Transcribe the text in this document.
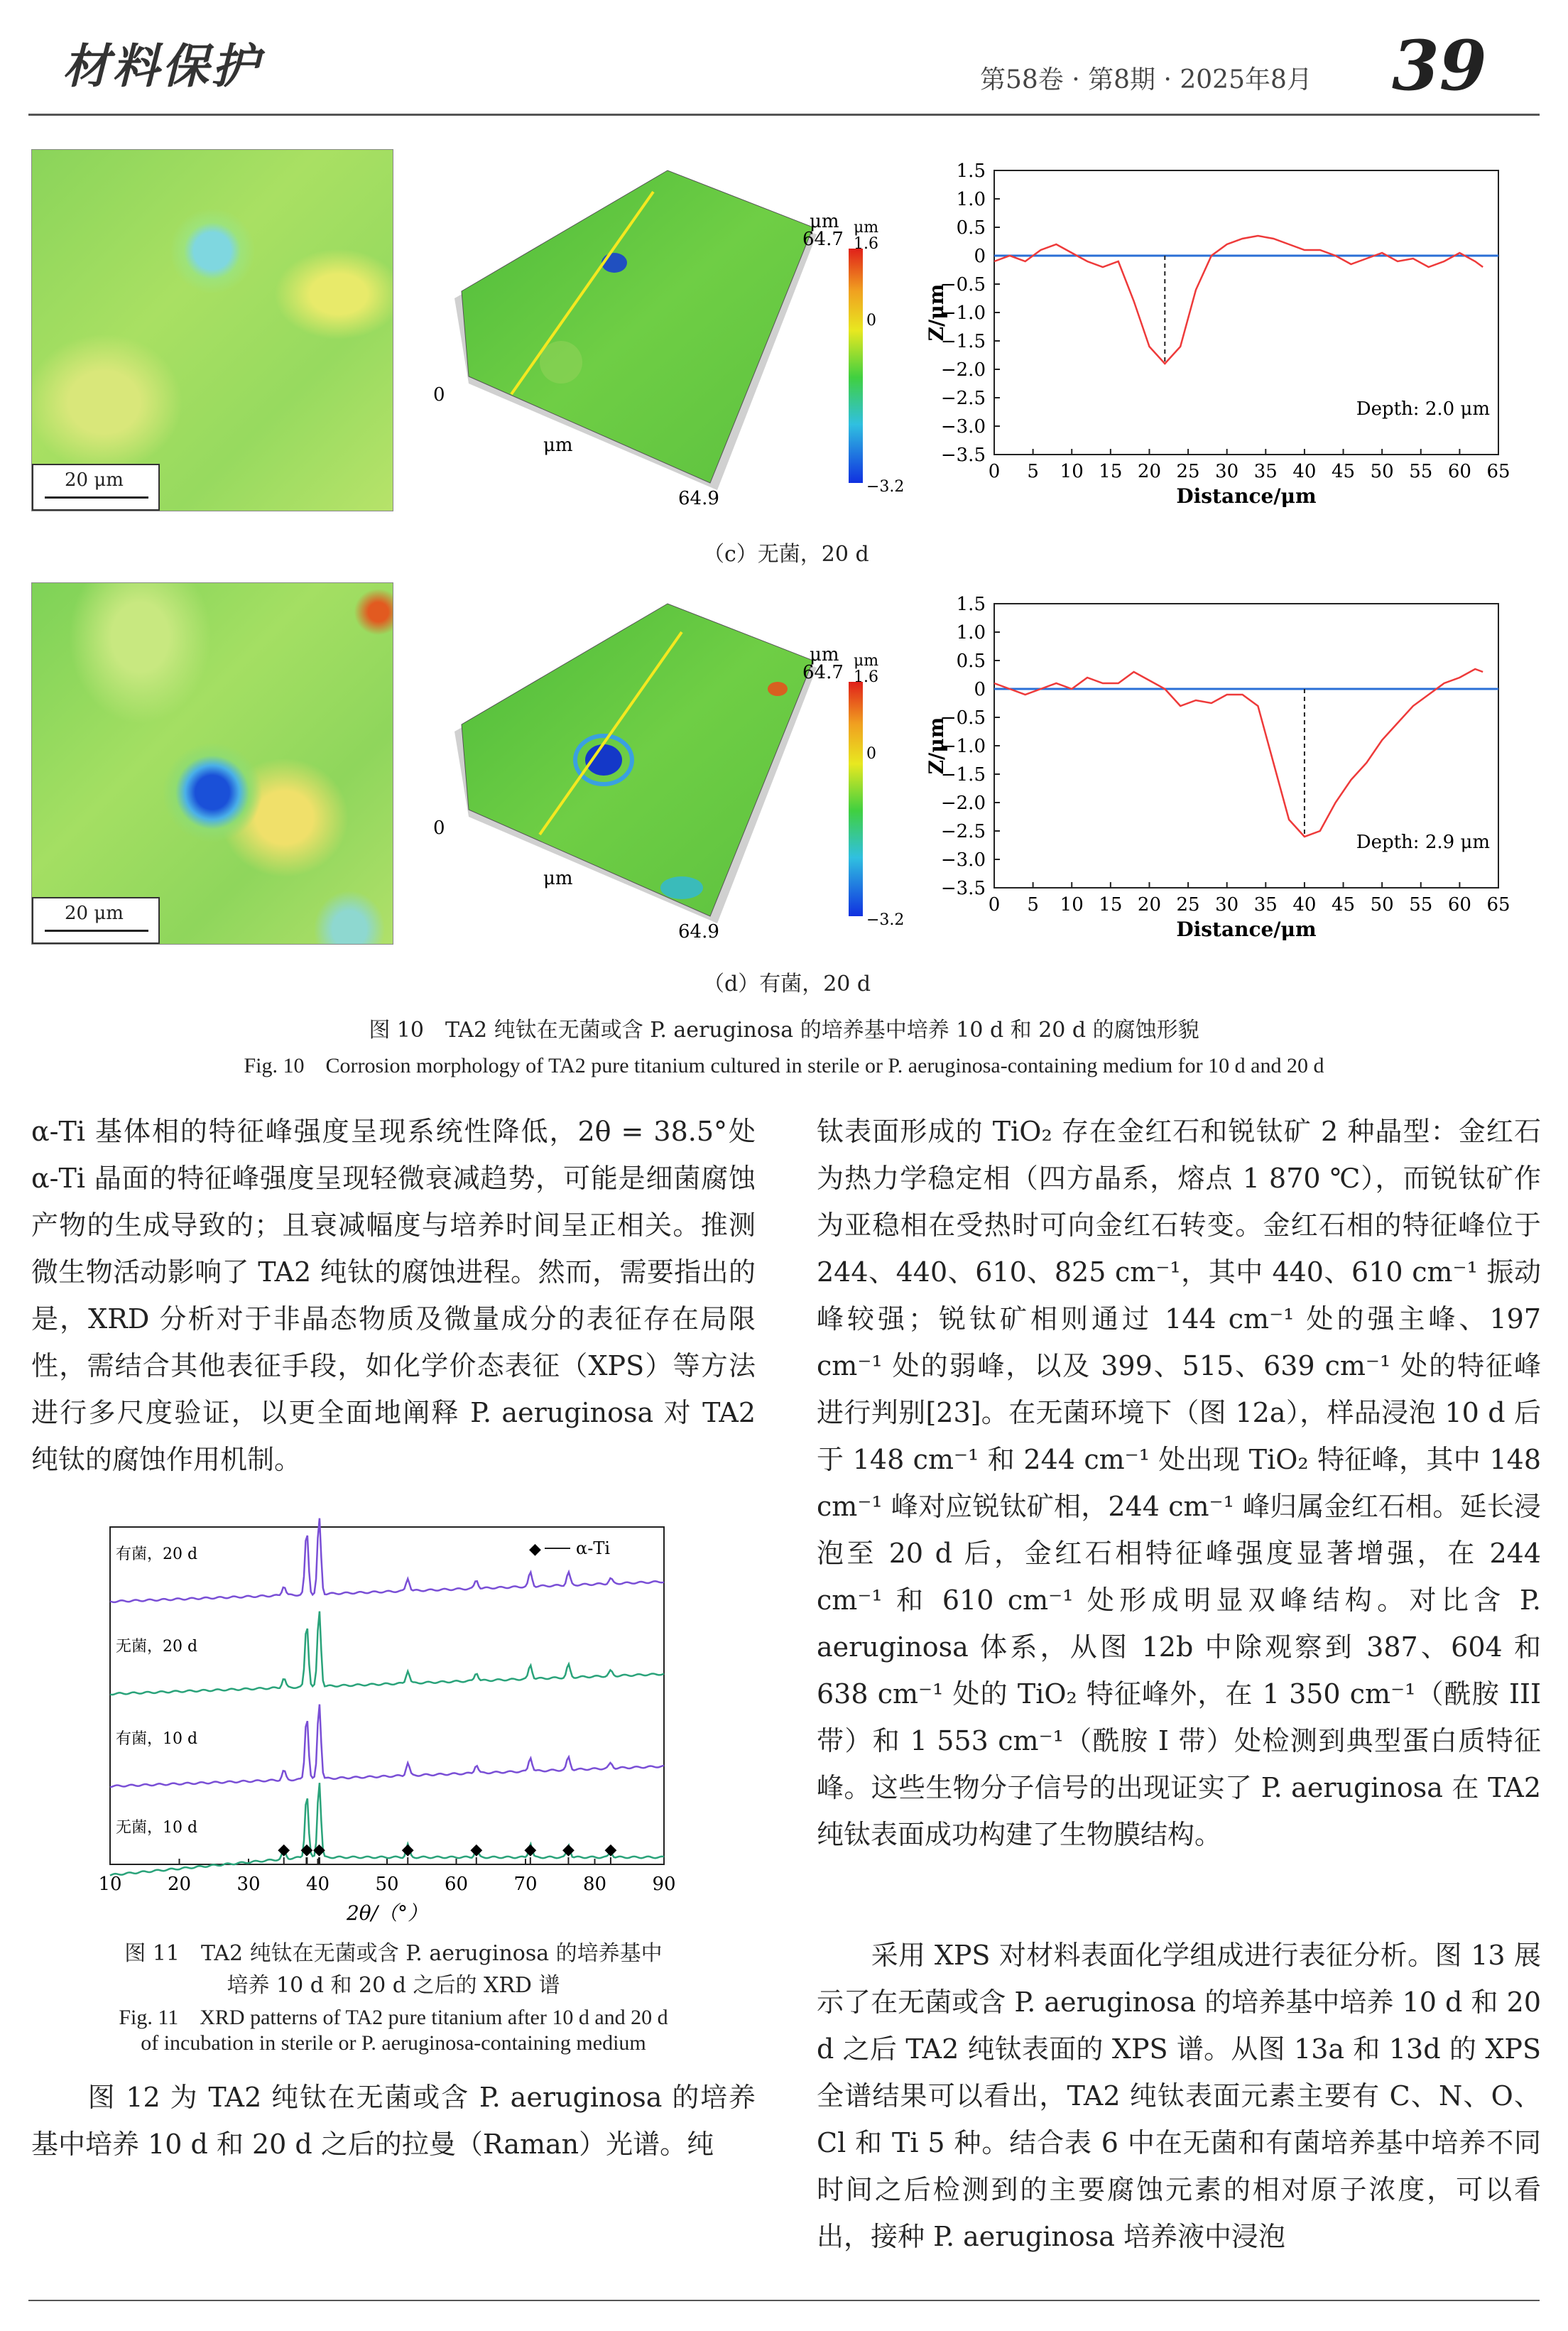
材料保护	第58卷 · 第8期 · 2025年8月 39
20 μm
0
μm
64.9
μm
64.7
μm
1.6
0
−3.2
1.5
1.0
0.5
0
−0.5
−1.0
−1.5
−2.0
−2.5
−3.0
−3.5
0 5 10 15 20 25 30 35 40 45 50 55 60 65
Distance/μm
Z/μm
Depth: 2.0 μm
（c）无菌，20 d
20 μm
0
μm
64.9
μm
64.7
μm
1.6
0
−3.2
1.5
1.0
0.5
0
−0.5
−1.0
−1.5
−2.0
−2.5
−3.0
−3.5
0 5 10 15 20 25 30 35 40 45 50 55 60 65
Distance/μm
Z/μm
Depth: 2.9 μm
（d）有菌，20 d
图 10　TA2 纯钛在无菌或含 P. aeruginosa 的培养基中培养 10 d 和 20 d 的腐蚀形貌
Fig. 10　Corrosion morphology of TA2 pure titanium cultured in sterile or P. aeruginosa-containing medium for 10 d and 20 d
α-Ti 基体相的特征峰强度呈现系统性降低，2θ = 38.5°处 α-Ti 晶面的特征峰强度呈现轻微衰减趋势，可能是细菌腐蚀产物的生成导致的；且衰减幅度与培养时间呈正相关。推测微生物活动影响了 TA2 纯钛的腐蚀进程。然而，需要指出的是，XRD 分析对于非晶态物质及微量成分的表征存在局限性，需结合其他表征手段，如化学价态表征（XPS）等方法进行多尺度验证，以更全面地阐释 P. aeruginosa 对 TA2 纯钛的腐蚀作用机制。
10 20 30 40 50 60 70 80 90
2θ/（°）
有菌，20 d
无菌，20 d
有菌，10 d
无菌，10 d
◆ α-Ti
◆ ◆ ◆	◆	◆	◆ ◆ ◆
图 11　TA2 纯钛在无菌或含 P. aeruginosa 的培养基中
培养 10 d 和 20 d 之后的 XRD 谱
Fig. 11　XRD patterns of TA2 pure titanium after 10 d and 20 d
of incubation in sterile or P. aeruginosa-containing medium
　　图 12 为 TA2 纯钛在无菌或含 P. aeruginosa 的培养基中培养 10 d 和 20 d 之后的拉曼（Raman）光谱。纯
钛表面形成的 TiO₂ 存在金红石和锐钛矿 2 种晶型：金红石为热力学稳定相（四方晶系，熔点 1 870 ℃），而锐钛矿作为亚稳相在受热时可向金红石转变。金红石相的特征峰位于 244、440、610、825 cm⁻¹，其中 440、610 cm⁻¹ 振动峰较强；锐钛矿相则通过 144 cm⁻¹ 处的强主峰、197 cm⁻¹ 处的弱峰，以及 399、515、639 cm⁻¹ 处的特征峰进行判别[23]。在无菌环境下（图 12a），样品浸泡 10 d 后于 148 cm⁻¹ 和 244 cm⁻¹ 处出现 TiO₂ 特征峰，其中 148 cm⁻¹ 峰对应锐钛矿相，244 cm⁻¹ 峰归属金红石相。延长浸泡至 20 d 后，金红石相特征峰强度显著增强，在 244 cm⁻¹ 和 610 cm⁻¹ 处形成明显双峰结构。对比含 P. aeruginosa 体系，从图 12b 中除观察到 387、604 和 638 cm⁻¹ 处的 TiO₂ 特征峰外，在 1 350 cm⁻¹（酰胺 III 带）和 1 553 cm⁻¹（酰胺 I 带）处检测到典型蛋白质特征峰。这些生物分子信号的出现证实了 P. aeruginosa 在 TA2 纯钛表面成功构建了生物膜结构。
　　采用 XPS 对材料表面化学组成进行表征分析。图 13 展示了在无菌或含 P. aeruginosa 的培养基中培养 10 d 和 20 d 之后 TA2 纯钛表面的 XPS 谱。从图 13a 和 13d 的 XPS 全谱结果可以看出，TA2 纯钛表面元素主要有 C、N、O、Cl 和 Ti 5 种。结合表 6 中在无菌和有菌培养基中培养不同时间之后检测到的主要腐蚀元素的相对原子浓度，可以看出，接种 P. aeruginosa 培养液中浸泡
